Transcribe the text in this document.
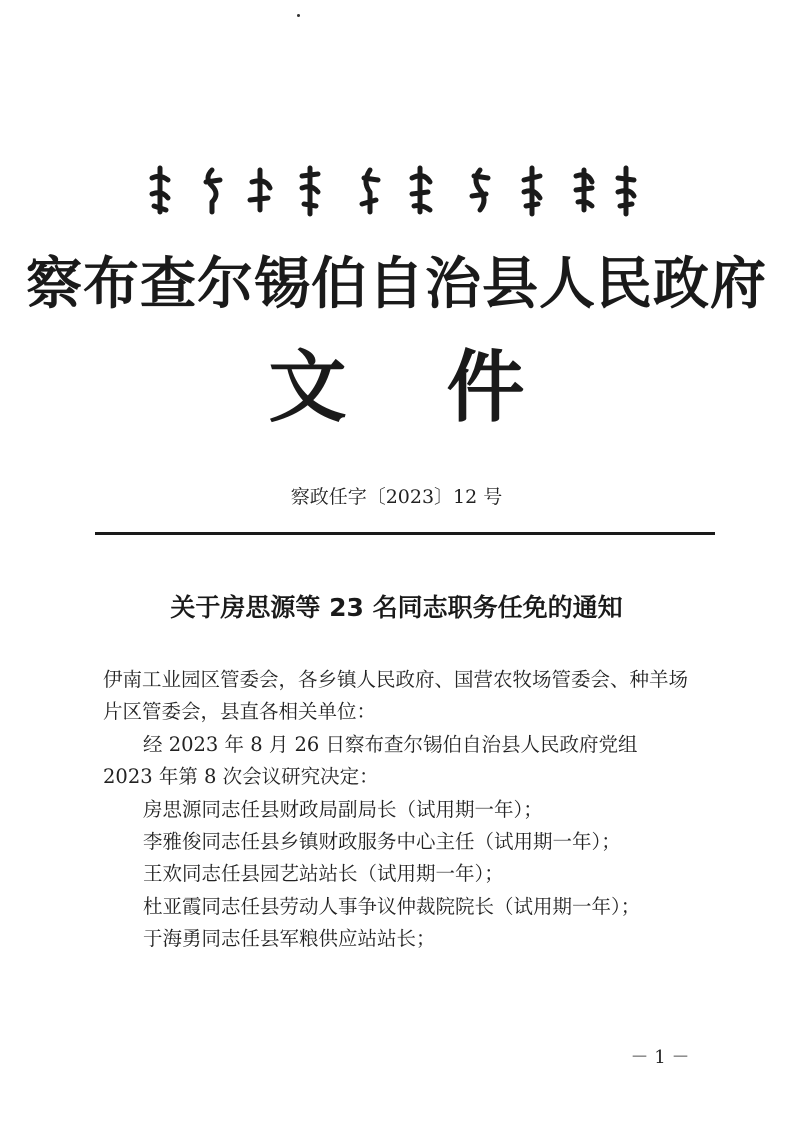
察布查尔锡伯自治县人民政府
文 件
察政任字〔2023〕12 号
关于房思源等 23 名同志职务任免的通知

伊南工业园区管委会，各乡镇人民政府、国营农牧场管委会、种羊场片区管委会，县直各相关单位：

经 2023 年 8 月 26 日察布查尔锡伯自治县人民政府党组 2023 年第 8 次会议研究决定：

房思源同志任县财政局副局长（试用期一年）；

李雅俊同志任县乡镇财政服务中心主任（试用期一年）；

王欢同志任县园艺站站长（试用期一年）；

杜亚霞同志任县劳动人事争议仲裁院院长（试用期一年）；

于海勇同志任县军粮供应站站长；

－ 1 －
